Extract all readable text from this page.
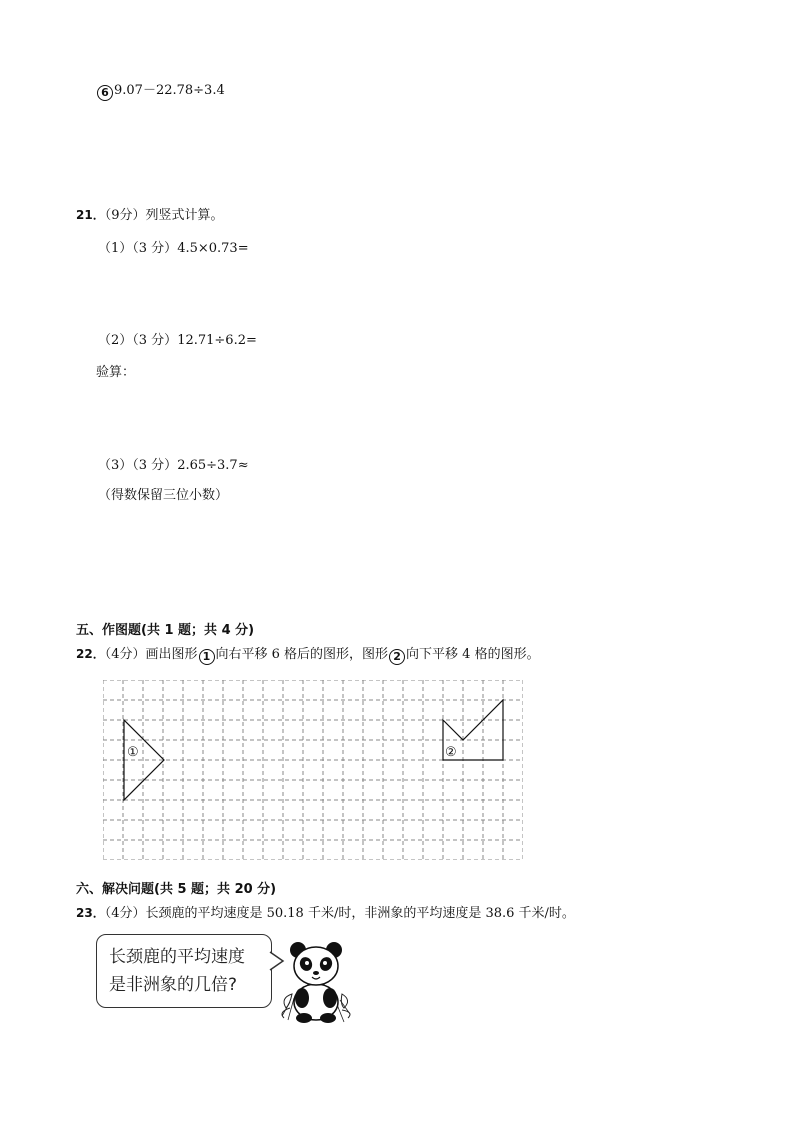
6 9.07－22.78÷3.4
21．（9分）列竖式计算。
（1）（3 分）4.5×0.73=
（2）（3 分）12.71÷6.2=
验算：
（3）（3 分）2.65÷3.7≈
（得数保留三位小数）
五、作图题(共 1 题；共 4 分)
22．（4分）画出图形 1 向右平移 6 格后的图形，图形 2 向下平移 4 格的图形。
①	②
六、解决问题(共 5 题；共 20 分)
23．（4分）长颈鹿的平均速度是 50.18 千米/时，非洲象的平均速度是 38.6 千米/时。
长颈鹿的平均速度
是非洲象的几倍?
